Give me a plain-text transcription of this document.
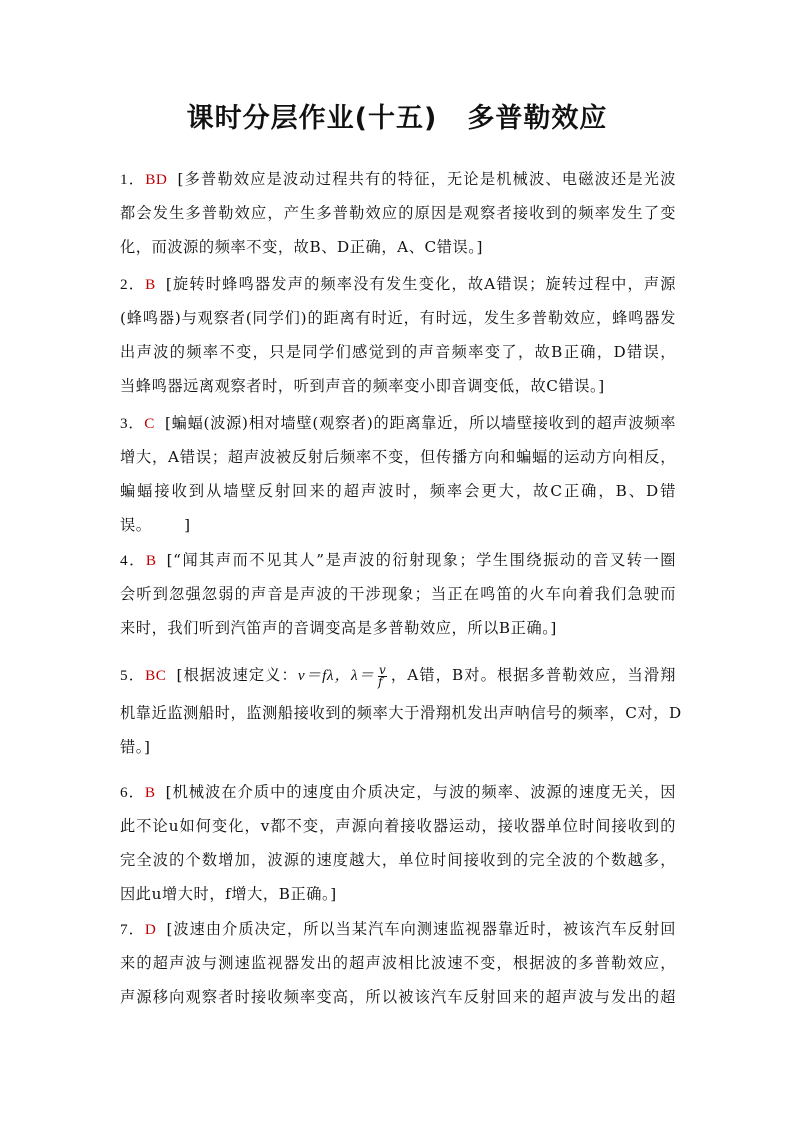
课时分层作业(十五) 多普勒效应
1．BD [多普勒效应是波动过程共有的特征，无论是机械波、电磁波还是光波
都会发生多普勒效应，产生多普勒效应的原因是观察者接收到的频率发生了变
化，而波源的频率不变，故B、D正确，A、C错误。]
2．B [旋转时蜂鸣器发声的频率没有发生变化，故A错误；旋转过程中，声源
(蜂鸣器)与观察者(同学们)的距离有时近，有时远，发生多普勒效应，蜂鸣器发
出声波的频率不变，只是同学们感觉到的声音频率变了，故B正确，D错误，
当蜂鸣器远离观察者时，听到声音的频率变小即音调变低，故C错误。]
3．C [蝙蝠(波源)相对墙壁(观察者)的距离靠近，所以墙壁接收到的超声波频率
增大，A错误；超声波被反射后频率不变，但传播方向和蝙蝠的运动方向相反，
蝙蝠接收到从墙壁反射回来的超声波时，频率会更大，故C正确，B、D错
误。      ]
4．B [“闻其声而不见其人”是声波的衍射现象；学生围绕振动的音叉转一圈
会听到忽强忽弱的声音是声波的干涉现象；当正在鸣笛的火车向着我们急驶而
来时，我们听到汽笛声的音调变高是多普勒效应，所以B正确。]
5．BC [根据波速定义：v＝fλ，$\lambda= \frac{v}{f}$ ，A错，B对。根据多普勒效应，当滑翔
机靠近监测船时，监测船接收到的频率大于滑翔机发出声呐信号的频率，C对，D
错。]
6．B [机械波在介质中的速度由介质决定，与波的频率、波源的速度无关，因
此不论u如何变化，v都不变，声源向着接收器运动，接收器单位时间接收到的
完全波的个数增加，波源的速度越大，单位时间接收到的完全波的个数越多，
因此u增大时，f增大，B正确。]
7．D [波速由介质决定，所以当某汽车向测速监视器靠近时，被该汽车反射回
来的超声波与测速监视器发出的超声波相比波速不变，根据波的多普勒效应，
声源移向观察者时接收频率变高，所以被该汽车反射回来的超声波与发出的超
